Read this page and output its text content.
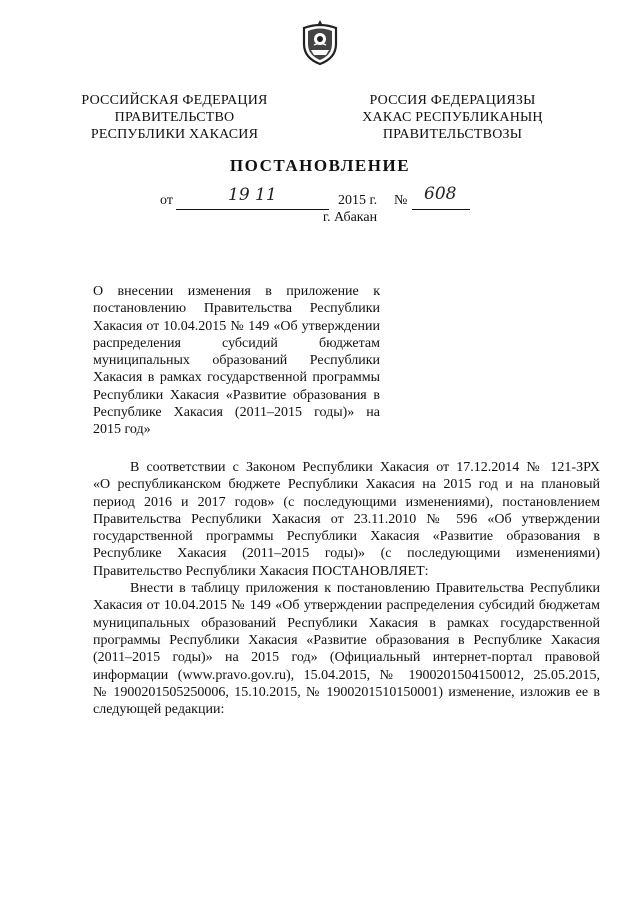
РОССИЙСКАЯ ФЕДЕРАЦИЯ
ПРАВИТЕЛЬСТВО
РЕСПУБЛИКИ ХАКАСИЯ
РОССИЯ ФЕДЕРАЦИЯЗЫ
ХАКАС РЕСПУБЛИКАНЫҢ
ПРАВИТЕЛЬСТВОЗЫ
ПОСТАНОВЛЕНИЕ
от	19 11	2015 г. № 608
г. Абакан
О внесении изменения в приложение к
постановлению Правительства Республики
Хакасия от 10.04.2015 № 149 «Об утверждении
распределения субсидий бюджетам
муниципальных образований Республики
Хакасия в рамках государственной программы
Республики Хакасия «Развитие образования в
Республике Хакасия (2011–2015 годы)» на
2015 год»
В соответствии с Законом Республики Хакасия от 17.12.2014 № 121-ЗРХ
«О республиканском бюджете Республики Хакасия на 2015 год и на плановый
период 2016 и 2017 годов» (с последующими изменениями), постановлением
Правительства Республики Хакасия от 23.11.2010 № 596 «Об утверждении
государственной программы Республики Хакасия «Развитие образования в
Республике Хакасия (2011–2015 годы)» (с последующими изменениями)
Правительство Республики Хакасия ПОСТАНОВЛЯЕТ:
Внести в таблицу приложения к постановлению Правительства Республики
Хакасия от 10.04.2015 № 149 «Об утверждении распределения субсидий бюджетам
муниципальных образований Республики Хакасия в рамках государственной
программы Республики Хакасия «Развитие образования в Республике Хакасия
(2011–2015 годы)» на 2015 год» (Официальный интернет-портал правовой
информации (www.pravo.gov.ru), 15.04.2015, № 1900201504150012, 25.05.2015,
№ 1900201505250006, 15.10.2015, № 1900201510150001) изменение, изложив ее в
следующей редакции:
